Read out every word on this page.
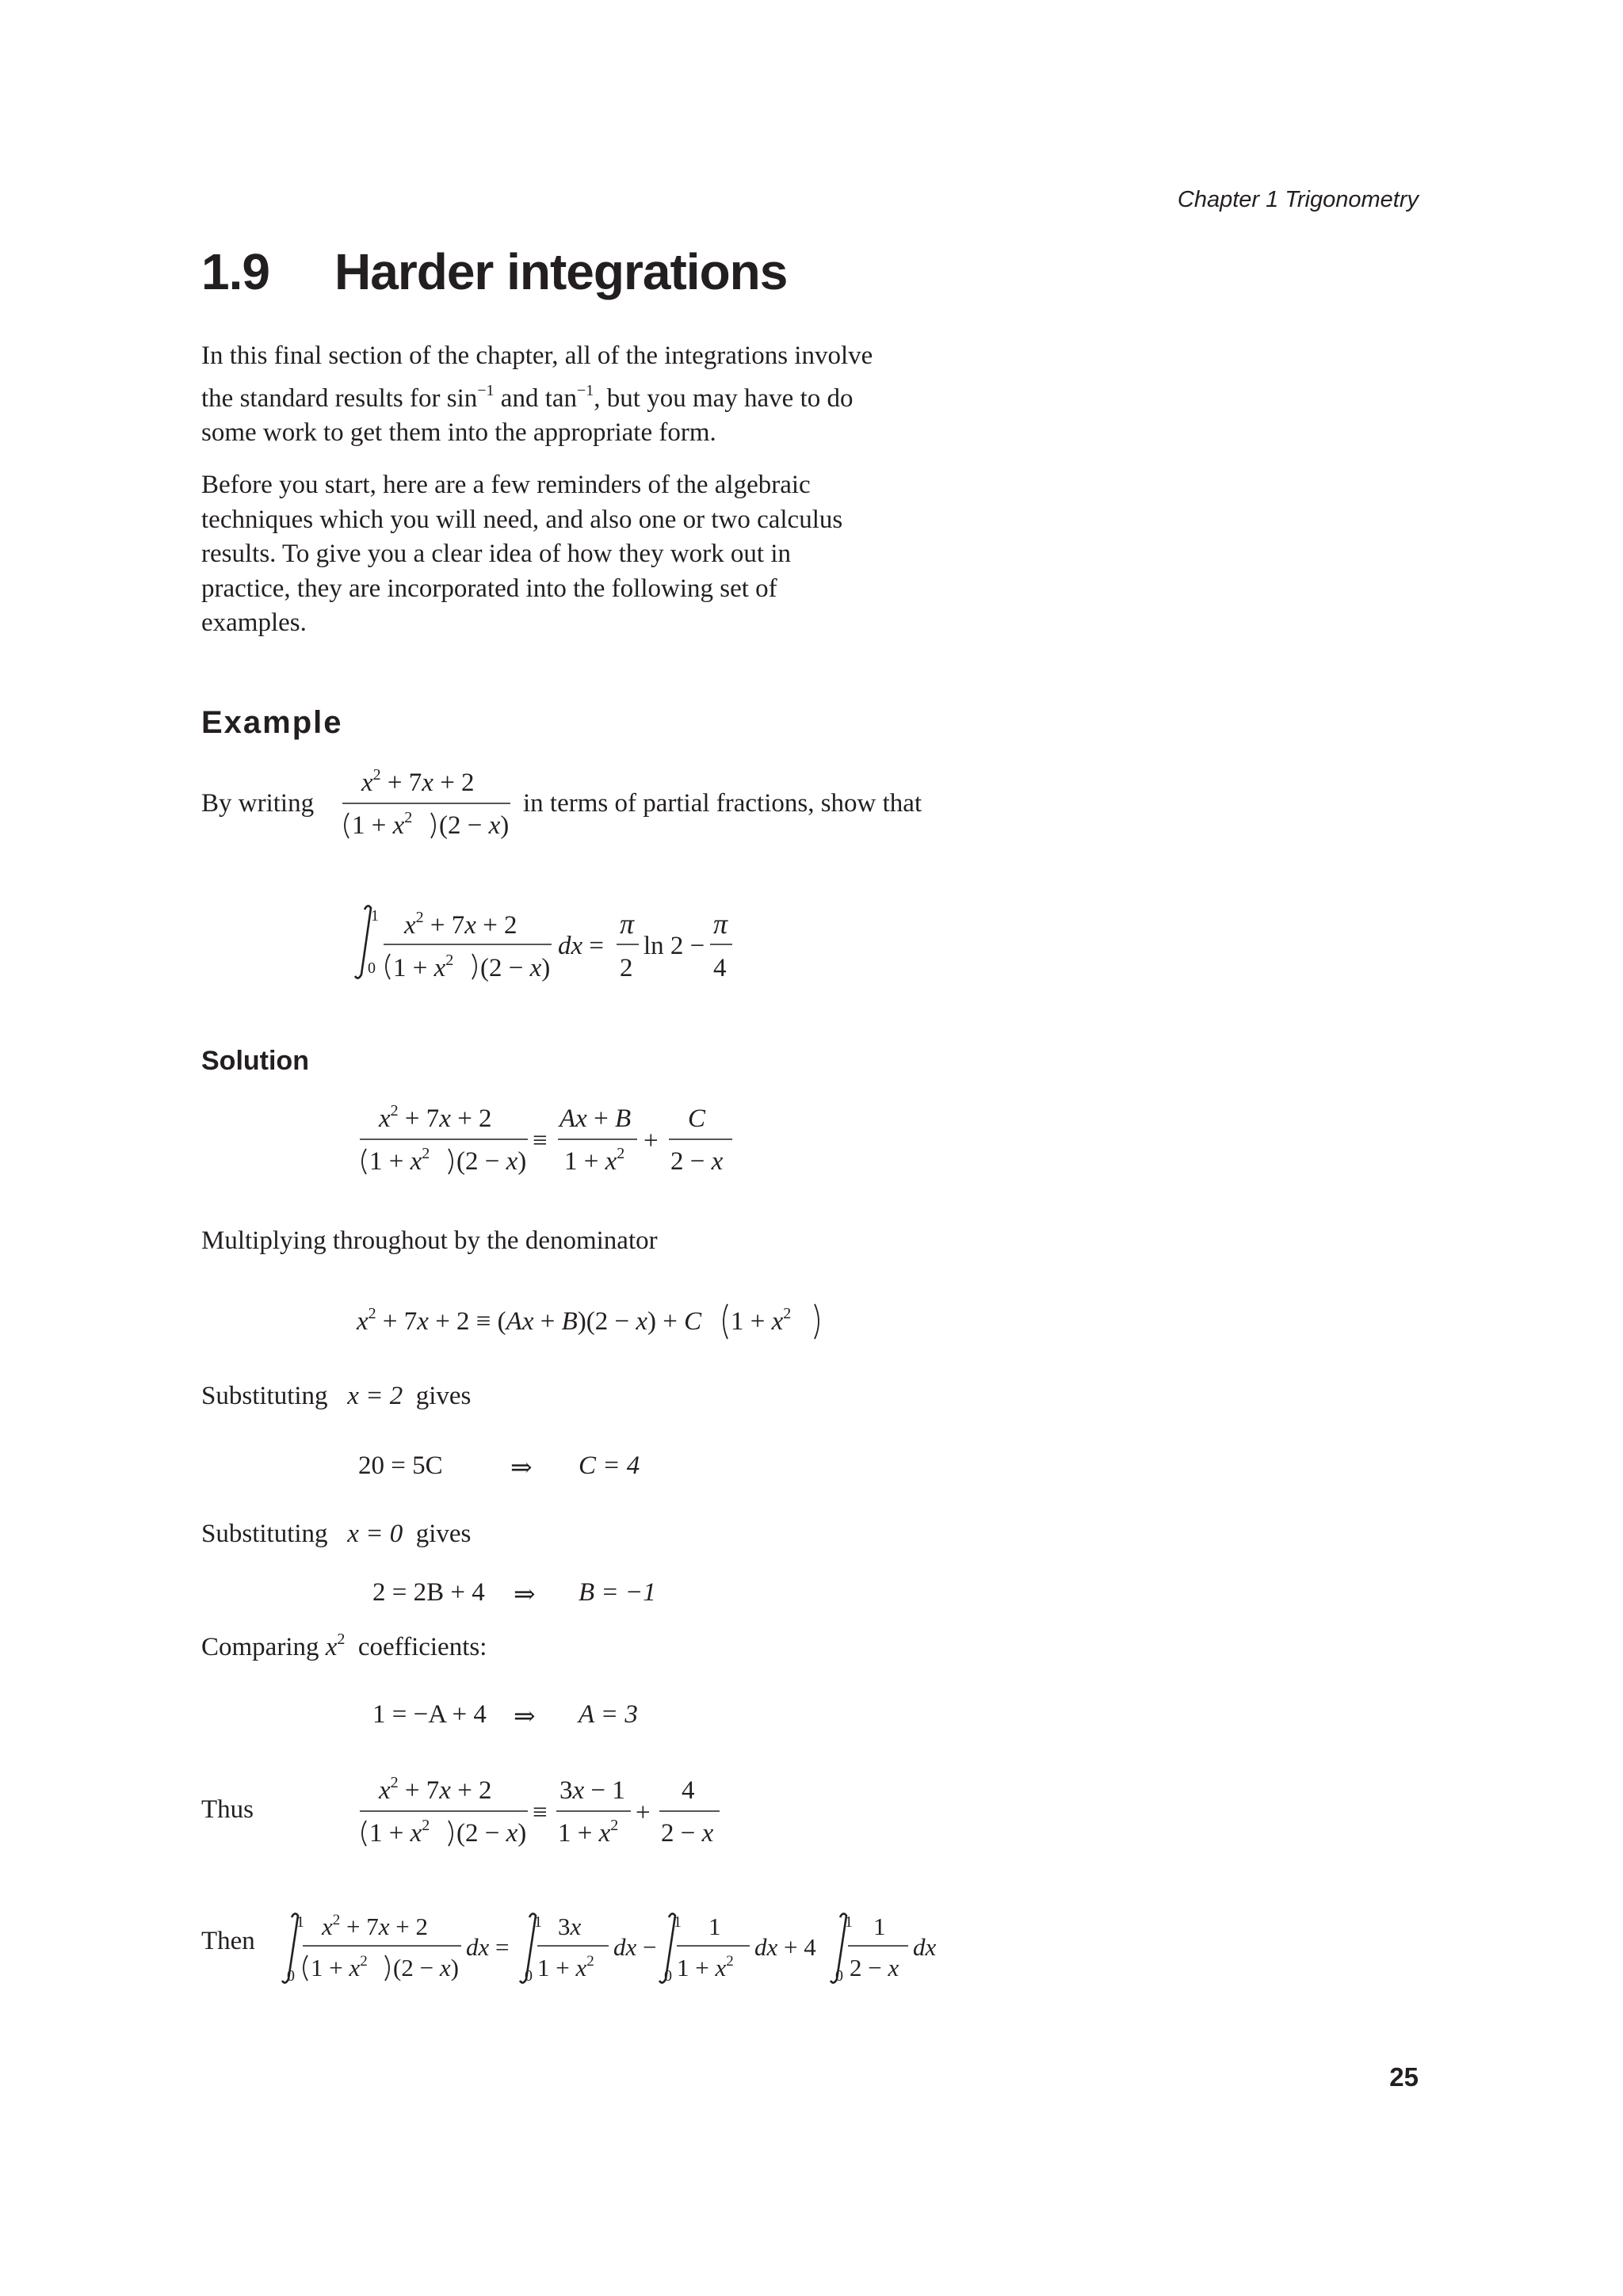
Chapter 1 Trigonometry
1.9 Harder integrations

In this final section of the chapter, all of the integrations involve
the standard results for $\sin^{-1}$ and $\tan^{-1}$, but you may have to do
some work to get them into the appropriate form.

Before you start, here are a few reminders of the algebraic
techniques which you will need, and also one or two calculus
results. To give you a clear idea of how they work out in
practice, they are incorporated into the following set of
examples.

Example
By writing
$x^2 + 7x + 2$
$1 + x^2$ (2 − x)
in terms of partial fractions, show that
1
0
$x^2 + 7x + 2$
$1 + x^2$ (2 − x)
dx =
π
2
ln 2 −
π
4
Solution
$x^2 + 7x + 2$
$1 + x^2$ (2 − x)
≡
Ax + B
$1 + x^2$ +
C
2 − x
Multiplying throughout by the denominator
$x^2 + 7x + 2 \equiv (Ax + B)(2 - x) + C$ $1 + x^2$
Substituting x = 2 gives
20 = 5C	⇒ C = 4
Substituting x = 0 gives
2 = 2B + 4 ⇒ B = −1
Comparing $x^2$ coefficients:
1 = −A + 4 ⇒ A = 3
Thus
$x^2 + 7x + 2$
$1 + x^2$ (2 − x)
≡
3x − 1
$1 + x^2$ +
4
2 − x
Then
1
0
$x^2 + 7x + 2$
$1 + x^2$ (2 − x)
dx =
1
0
3x
$1 + x^2$
dx −
1
0
1
$1 + x^2$
dx + 4
1
0
1
2 − x
dx
25
